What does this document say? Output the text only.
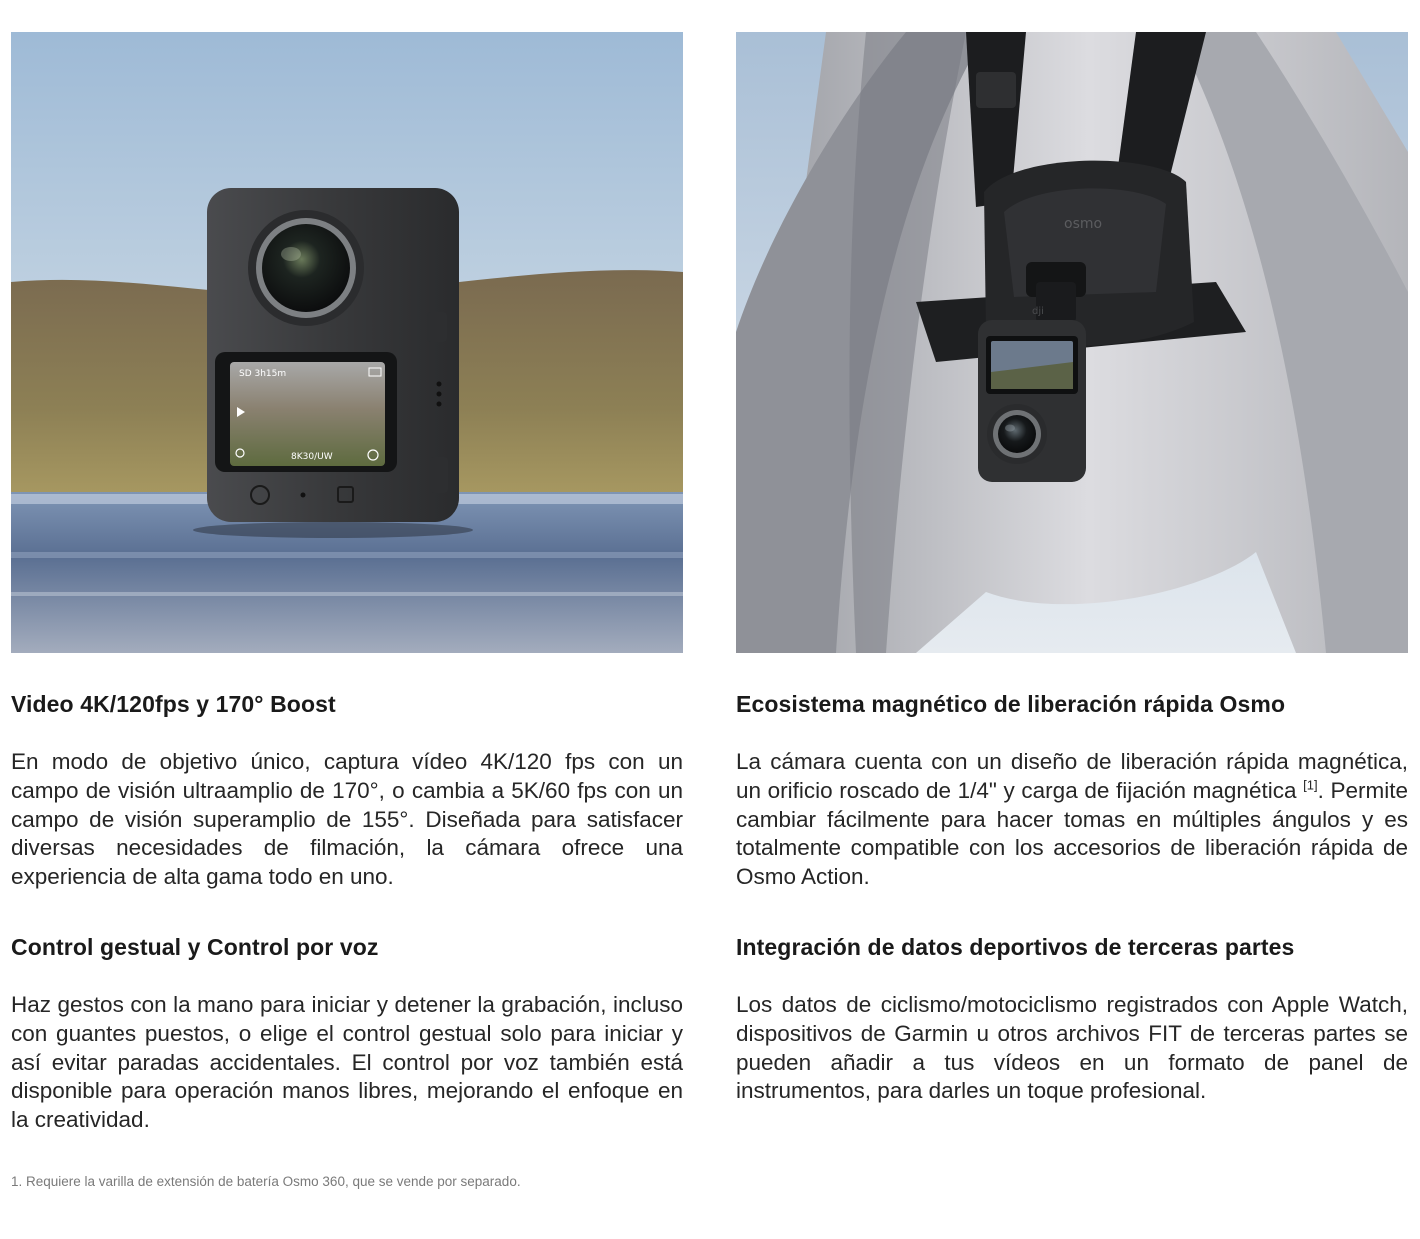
SD 3h15m
8K30/UW
Video 4K/120fps y 170° Boost

En modo de objetivo único, captura vídeo 4K/120 fps con un campo de visión ultraamplio de 170°, o cambia a 5K/60 fps con un campo de visión superamplio de 155°. Diseñada para satisfacer diversas necesidades de filmación, la cámara ofrece una experiencia de alta gama todo en uno.

Control gestual y Control por voz

Haz gestos con la mano para iniciar y detener la grabación, incluso con guantes puestos, o elige el control gestual solo para iniciar y así evitar paradas accidentales. El control por voz también está disponible para operación manos libres, mejorando el enfoque en la creatividad.

osmo
dji
Ecosistema magnético de liberación rápida Osmo

La cámara cuenta con un diseño de liberación rápida magnética, un orificio roscado de 1/4" y carga de fijación magnética [1]. Permite cambiar fácilmente para hacer tomas en múltiples ángulos y es totalmente compatible con los accesorios de liberación rápida de Osmo Action.

Integración de datos deportivos de terceras partes

Los datos de ciclismo/motociclismo registrados con Apple Watch, dispositivos de Garmin u otros archivos FIT de terceras partes se pueden añadir a tus vídeos en un formato de panel de instrumentos, para darles un toque profesional.

1. Requiere la varilla de extensión de batería Osmo 360, que se vende por separado.
